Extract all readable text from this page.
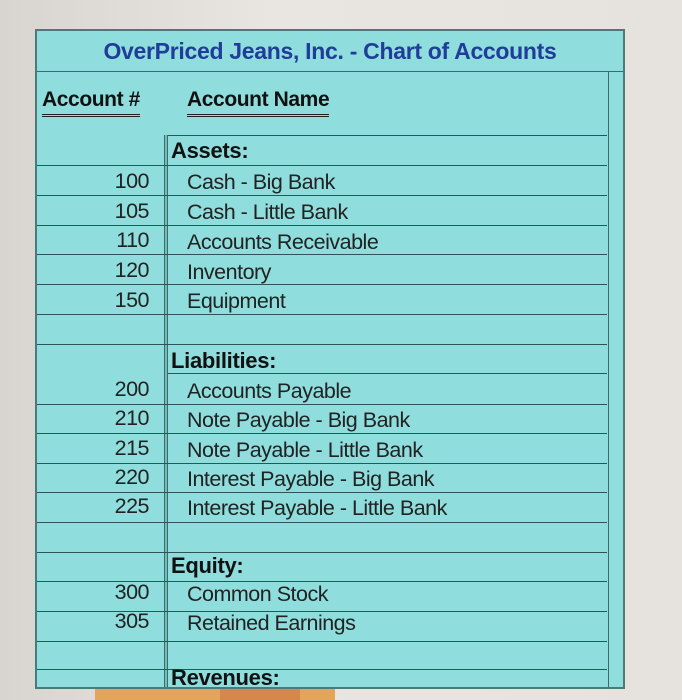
OverPriced Jeans, Inc. - Chart of Accounts
Account # Account Name
Assets:
100 Cash - Big Bank
105 Cash - Little Bank
110 Accounts Receivable
120 Inventory
150 Equipment
Liabilities:
200 Accounts Payable
210 Note Payable - Big Bank
215 Note Payable - Little Bank
220 Interest Payable - Big Bank
225 Interest Payable - Little Bank
Equity:
300 Common Stock
305 Retained Earnings
Revenues:
